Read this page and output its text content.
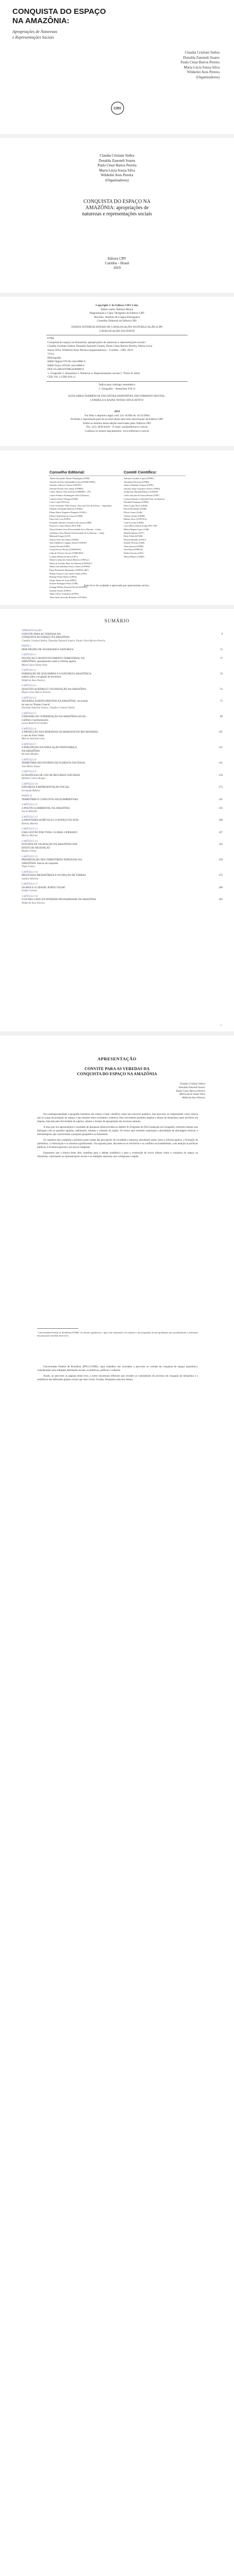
CONQUISTA DO ESPAÇO
NA AMAZÔNIA:
Apropriações de Naturezas
e Representações Sociais
Claudia Cristiani Siebra
Donalda Zanoneli Soares
Paulo César Barros Pereira
Maria Lúcia Souza Silva
Wilderlei Aves Pereira
(Organizadores)
CRV
Claudia Cristiani Siebra
Donalda Zanoneli Soares
Paulo César Barros Pereira
Maria Lúcia Souza Silva
Wilderlei Aves Pereira
(Organizadores)
CONQUISTA DO ESPAÇO NA
AMAZÔNIA: apropriações de
naturezas e representações sociais
Editora CRV
Curitiba – Brasil
2019
Copyright © da Editora CRV Ltda.
Editor-chefe: Railson Moura
Diagramação e Capa: Designers da Editora CRV
Revisão: Analista de Língua Portuguesa
Conselho Editorial da Editora CRV
DADOS INTERNACIONAIS DE CATALOGAÇÃO NA PUBLICAÇÃO (CIP)
CATALOGAÇÃO NA FONTE
C753
Conquista do espaço na Amazônia: apropriações de naturezas e representações sociais /
Claudia Cristiani Siebra, Donalda Zanoneli Soares, Paulo César Barros Pereira, Maria Lúcia
Souza Silva, Wilderlei Aves Pereira (organizadores) – Curitiba : CRV, 2019.
314 p.
Bibliografia
ISBN Digital 978-85-444-0000-0
ISBN Físico 978-85-444-0000-0
DOI 10.24824/978854440000.0
1. Geografia 2. Amazônia 3. Natureza 4. Representações sociais I. Título II. Série.
CDU 911.3 CDD 918.11
Índice para catálogo sistemático
1. Geografia – Amazônia 918.11
ESTA OBRA TAMBÉM SE ENCONTRA DISPONÍVEL EM FORMATO DIGITAL.
CONHEÇA E BAIXE NOSSO APLICATIVO!
2019
Foi feito o depósito legal conf. Lei 10.994 de 14/12/2004
Proibida a reprodução parcial ou total desta obra sem autorização da Editora CRV
Todos os direitos desta edição reservados pela: Editora CRV
Tel.: (41) 3039-6418 – E-mail: sac@editoracrv.com.br
Conheça os nossos lançamentos: www.editoracrv.com.br
Conselho Editorial:	Comitê Científico:
Aldira Guimarães Duarte Domínguez (UNB)
Andréia da Silva Quintanilha Sousa (UNIR/UFRN)
Anselmo Alencar Colares (UFOPA)
Antônio Pereira Gaio Júnior (UFRRJ)
Carlos Alberto Vilar Estêvão (UMINHO – PT)
Carlos Federico Dominguez Avila (Unieuro)
Carmen Tereza Velanga (UNIR)
Celso Conti (UFSCar)
Cesar Gerónimo Tello (Univer. Nacional Três de Febrero – Argentina)
Eduardo Fernandes Barbosa (UFMG)
Elione Maria Nogueira Diogenes (UFAL)
Elizeu Clementino de Souza (UNEB)
Élsio José Corá (UFFS)
Fernando Antônio Gonçalves Alcoforado (IPB)
Francisco Carlos Duarte (PUC-PR)
Gloria Fariñas León (Universidade de La Havana – Cuba)
Guillermo Arias Beatón (Universidade de La Havana – Cuba)
Helmuth Krüger (UCP)
Jailson Alves dos Santos (UFRJ)
João Adalberto Campato Junior (UNESP)
Josania Portela (UFPI)
Leonel Severo Rocha (UNISINOS)
Lídia de Oliveira Xavier (UNIEURO)
Lourdes Helena da Silva (UFV)
Maria Cristina dos Santos Bezerra (UFSCar)
Maria de Lourdes Pinto de Almeida (UNOESC)
Maria Lília Imbiriba Sousa Colares (UFOPA)
Paulo Romualdo Hernandes (UNIFAL-MG)
Renato Francisco dos Santos Paula (UFG)
Rodrigo Pratte-Santos (UFES)
Sérgio Nunes de Jesus (IFRO)
Simone Rodrigues Pinto (UNB)
Solange Helena Ximenes-Rocha (UFOPA)
Sydione Santos (UEPG)
Tadeu Oliver Gonçalves (UFPA)
Tania Suely Azevedo Brasileiro (UFOPA)
Adriana Carvalho Lopes (UFMG)
Alexandre Pierezan (UFMS)
Andrea Almeida Campos (UFPE)
Antonio Jorge Gonçalves Soares (UFRJ)
Arilda Ines Miranda Ribeiro (UNESP)
Carlos Antonio de Souza Moraes (UFF)
Cristina Sánchez Carbonell (Univ. de Huelva)
Elizabeth Fantauzzi (UFRJ)
Fabio Lopes Alves (UEM)
Flávio Hernandes (UERJ)
Flávio Lemos (UnB)
Gislene Jacinto (UFPR)
Helena Alves (UNIVALI)
Leila Scavone (UERJ)
Luiz Alberto David Araújo (PUC-SP)
Márcia Regina Lopes (UnB)
Marilda Simões (UFV)
Paula Vilela (UFAM)
Rosana Marinho (UFSC)
Simone Oliveira (UnB)
Tânia Saraiva (UFPR)
Vera Dutra (UFRGS)
Walter Teixeira (UFS)
Wilton Ribeiro (UFRJ)
Este livro foi avaliado e aprovado por pareceristas ad hoc.
SUMÁRIO
APRESENTAÇÃO
9
CONVITE PARA AS VEREDAS DA
CONQUISTA DO ESPAÇO NA AMAZÔNIA
Claudia Cristiani Siebra, Donalda Zanoneli Soares, Paulo César Barros Pereira
PARTE I
15
PERCEPÇÕES DE SOCIEDADE E NATUREZA
CAPÍTULO 1
17
POLÍTICAS E DESENVOLVIMENTO TERRITORIAL NA
AMAZÔNIA: apontamentos sobre a reforma agrária
Maria Lúcia Souza Silva
CAPÍTULO 2
33
FORMAÇÃO DE QUILOMBOS E A NATUREZA AMAZÔNICA:
análise sobre a ocupação de territórios
Wilderlei Aves Pereira
CAPÍTULO 3
51
QUESTÃO AGRÁRIA E COLONIZAÇÃO NA AMAZÔNIA
Paulo César Barros Pereira
CAPÍTULO 4
71
SISTEMAS AGROFLORESTAIS NA AMAZÔNIA: um estudo
de caso no 'Projeto Caracol'
Donalda Zanoneli Soares, Claudia Cristiani Siebra
CAPÍTULO 5
89
UNIDADES DE CONSERVAÇÃO NA AMAZÔNIA LEGAL:
conflitos e representações
Laura Beatriz Fernandes
CAPÍTULO 6
107
A PRODUÇÃO DAS MORADIAS ÀS MARGENS DO RIO MADEIRA:
o caso de Porto Velho
Marcia Andrade Lima
CAPÍTULO 7
125
A PERCEPÇÃO DA POPULAÇÃO FRONTEIRIÇA
NA AMAZÔNIA
Ricardo Mendes
CAPÍTULO 8
141
TERRITÓRIO DE ENTORNO DE FLORESTA NACIONAL
José Mário Souza
CAPÍTULO 9
159
ESTRATÉGIAS DE USO DE RECURSOS NATURAIS
Antônio Carlos Borges
CAPÍTULO 10
175
NATUREZA E REPRESENTAÇÃO SOCIAL
Fernanda Ribeiro
PARTE II
191
TERRITÓRIO E CONFLITOS SOCIOAMBIENTAIS
CAPÍTULO 11
193
A POLÍTICA AMBIENTAL NA AMAZÔNIA
Lucas Almeida
CAPÍTULO 12
209
A FRONTEIRA AGRÍCOLA E O AVANÇO DA SOJA
Helena Martins
CAPÍTULO 13
227
UMA GESTÃO POR TODA: GLOBAL LIDERADO
Márcio Barreto
CAPÍTULO 14
243
ESTUDOS DE VALIDAÇÃO DA AMAZÔNIA SOB
EFEITO DE MUDANÇAS
Regina Farias
CAPÍTULO 15
259
PRESERVAÇÃO DOS TERRITÓRIOS INDÍGENAS NA
AMAZÔNIA: marcas da conquista
Tiago Lemos
CAPÍTULO 16
275
PROCESSOS MIGRATÓRIOS E OCUPAÇÃO DE TERRAS
Sandra Oliveira
CAPÍTULO 17
289
OS RIOS E A CIDADE: PORTO VELHO
Felipe Correia
CAPÍTULO 18
303
O OUTRO LADO DA INTERDISCIPLINARIDADE NA AMAZÔNIA
Wilderlei Aves Pereira
7
APRESENTAÇÃO
CONVITE PARA AS VEREDAS DA
CONQUISTA DO ESPAÇO NA AMAZÔNIA
Claudia Cristiani Siebra
Donalda Zanoneli Soares
Paulo César Barros Pereira
Maria Lúcia Souza Silva
Wilderlei Aves Pereira

Na contemporaneidade a geografia brasileira não tomou o fazer científico como um exercício analítico, mas procurou se compreender como ciência que se ocupa da produção do espaço e das relações entre sociedade e natureza. Esse movimento permitiu ampliar a leitura da Amazônia como território em disputa, marcado pela diversidade de sujeitos, saberes e formas de apropriação dos recursos naturais.

A obra que ora apresentamos é resultado de pesquisas desenvolvidas no âmbito do Programa de Pós-Graduação em Geografia, reunindo estudos que dialogam com as questões agrárias, ambientais, urbanas e culturais da região. Os textos aqui reunidos expressam a pluralidade de abordagens teóricas e metodológicas que caracterizam a pesquisa geográfica na Amazônia.

Os capítulos que compõem a primeira parte tratam das percepções de sociedade e natureza, abordando temas como a reforma agrária, a formação de quilombos, a colonização e os sistemas agroflorestais. Na segunda parte, discutem-se os territórios e os conflitos socioambientais, com atenção às políticas públicas, à fronteira agrícola e aos povos indígenas.

Esperamos que a leitura desta obra contribua para o debate acadêmico e para a construção de novos olhares sobre a conquista do espaço na Amazônia, valorizando as representações sociais e as múltiplas naturezas que configuram a região.

¹ Universidade Federal de Rondônia (UNIR). Os autores agradecem o apoio das instituições de fomento e dos programas de pós-graduação que possibilitaram a realização das pesquisas reunidas neste livro.

Universidade Federal de Rondônia (PPGG-UNIR), cujos trabalhos nos convidam a percorrer as veredas da conquista do espaço amazônico, considerando suas múltiplas dimensões sociais, econômicas, políticas e culturais.

Assim, ao percorrer as páginas deste livro, o leitor encontrará reflexões que revelam as contradições do processo de ocupação da Amazônia e a resistência dos diferentes grupos sociais que nela vivem. A todos, desejamos uma boa leitura.
